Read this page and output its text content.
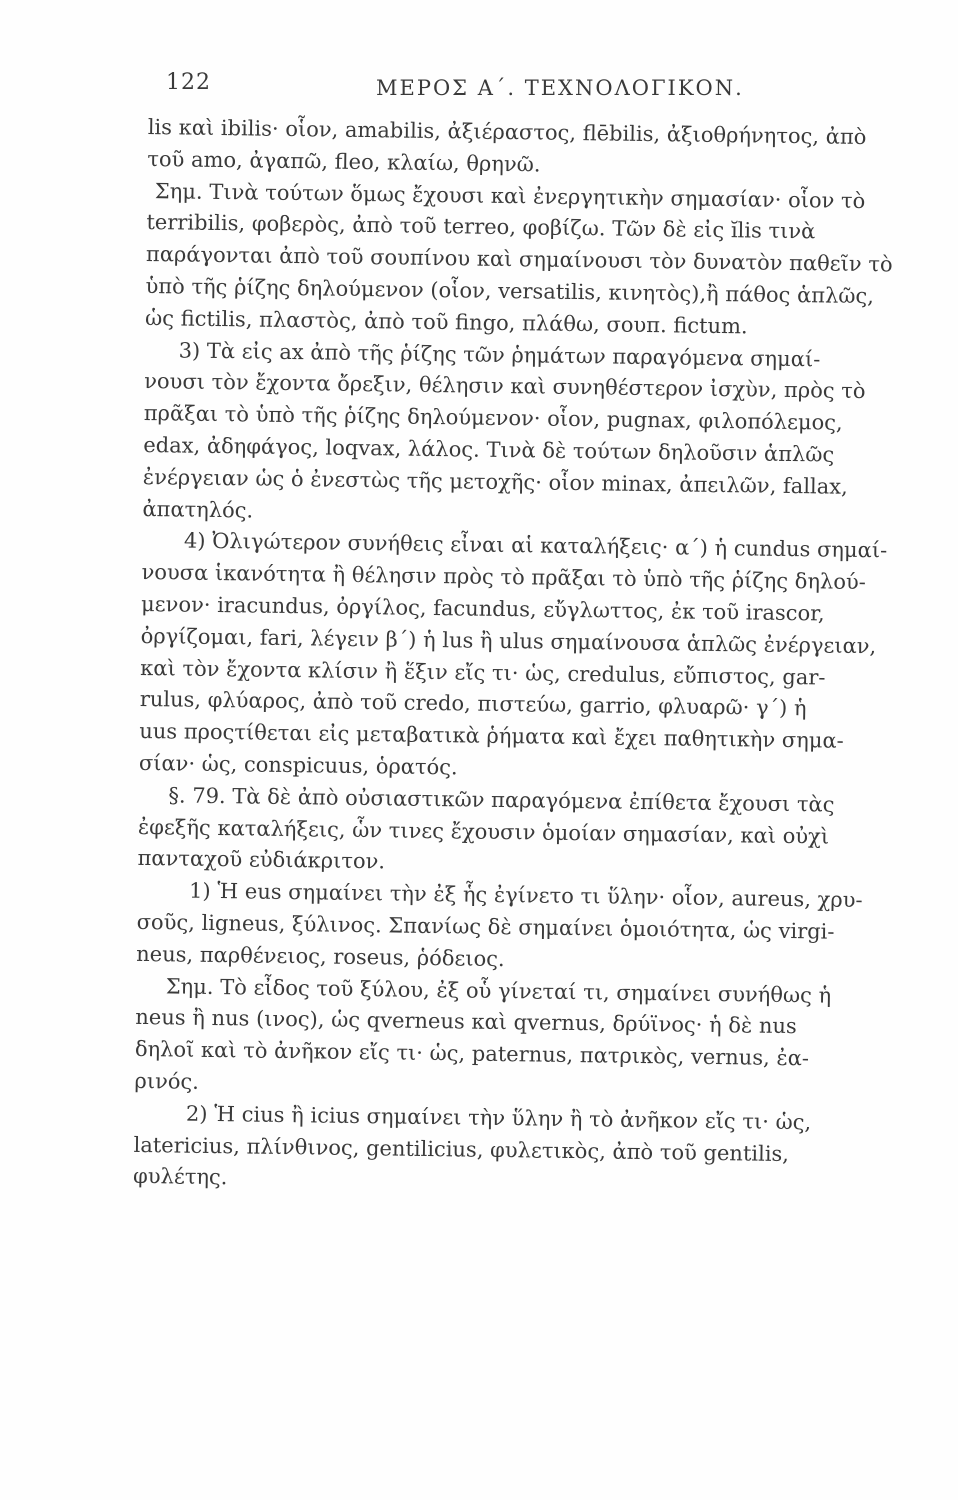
122	ΜΕΡΟΣ Α΄. ΤΕΧΝΟΛΟΓΙΚΟΝ.
lis καὶ ibilis· οἷον, amabilis, ἀξιέραστος, flēbilis, ἀξιοθρήνητος, ἀπὸ
τοῦ amo, ἀγαπῶ, fleo, κλαίω, θρηνῶ.
Σημ. Τινὰ τούτων ὅμως ἔχουσι καὶ ἐνεργητικὴν σημασίαν· οἷον τὸ
terribilis, φοβερὸς, ἀπὸ τοῦ terreo, φοβίζω. Τῶν δὲ εἰς ĭlis τινὰ
παράγονται ἀπὸ τοῦ σουπίνου καὶ σημαίνουσι τὸν δυνατὸν παθεῖν τὸ
ὑπὸ τῆς ῥίζης δηλούμενον (οἷον, versatilis, κινητὸς),ἢ πάθος ἁπλῶς,
ὡς fictilis, πλαστὸς, ἀπὸ τοῦ fingo, πλάθω, σουπ. fictum.
3) Τὰ εἰς ax ἀπὸ τῆς ῥίζης τῶν ῥημάτων παραγόμενα σημαί-
νουσι τὸν ἔχοντα ὄρεξιν, θέλησιν καὶ συνηθέστερον ἰσχὺν, πρὸς τὸ
πρᾶξαι τὸ ὑπὸ τῆς ῥίζης δηλούμενον· οἷον, pugnax, φιλοπόλεμος,
edax, ἀδηφάγος, loqvax, λάλος. Τινὰ δὲ τούτων δηλοῦσιν ἁπλῶς
ἐνέργειαν ὡς ὁ ἐνεστὼς τῆς μετοχῆς· οἷον minax, ἀπειλῶν, fallax,
ἀπατηλός.
4) Ὀλιγώτερον συνήθεις εἶναι αἱ καταλήξεις· α΄) ἡ cundus σημαί-
νουσα ἱκανότητα ἢ θέλησιν πρὸς τὸ πρᾶξαι τὸ ὑπὸ τῆς ῥίζης δηλού-
μενον· iracundus, ὀργίλος, facundus, εὔγλωττος, ἐκ τοῦ irascor,
ὀργίζομαι, fari, λέγειν β΄) ἡ lus ἢ ulus σημαίνουσα ἁπλῶς ἐνέργειαν,
καὶ τὸν ἔχοντα κλίσιν ἢ ἕξιν εἴς τι· ὡς, credulus, εὔπιστος, gar-
rulus, φλύαρος, ἀπὸ τοῦ credo, πιστεύω, garrio, φλυαρῶ· γ΄) ἡ
uus προςτίθεται εἰς μεταβατικὰ ῥήματα καὶ ἔχει παθητικὴν σημα-
σίαν· ὡς, conspicuus, ὁρατός.
§. 79. Τὰ δὲ ἀπὸ οὐσιαστικῶν παραγόμενα ἐπίθετα ἔχουσι τὰς
ἐφεξῆς καταλήξεις, ὧν τινες ἔχουσιν ὁμοίαν σημασίαν, καὶ οὐχὶ
πανταχοῦ εὐδιάκριτον.
1) Ἡ eus σημαίνει τὴν ἐξ ἧς ἐγίνετο τι ὕλην· οἷον, aureus, χρυ-
σοῦς, ligneus, ξύλινος. Σπανίως δὲ σημαίνει ὁμοιότητα, ὡς virgi-
neus, παρθένειος, roseus, ῥόδειος.
Σημ. Τὸ εἶδος τοῦ ξύλου, ἐξ οὗ γίνεταί τι, σημαίνει συνήθως ἡ
neus ἢ nus (ινος), ὡς qverneus καὶ qvernus, δρύϊνος· ἡ δὲ nus
δηλοῖ καὶ τὸ ἀνῆκον εἴς τι· ὡς, paternus, πατρικὸς, vernus, ἐα-
ρινός.
2) Ἡ cius ἢ icius σημαίνει τὴν ὕλην ἢ τὸ ἀνῆκον εἴς τι· ὡς,
latericius, πλίνθινος, gentilicius, φυλετικὸς, ἀπὸ τοῦ gentilis,
φυλέτης.
